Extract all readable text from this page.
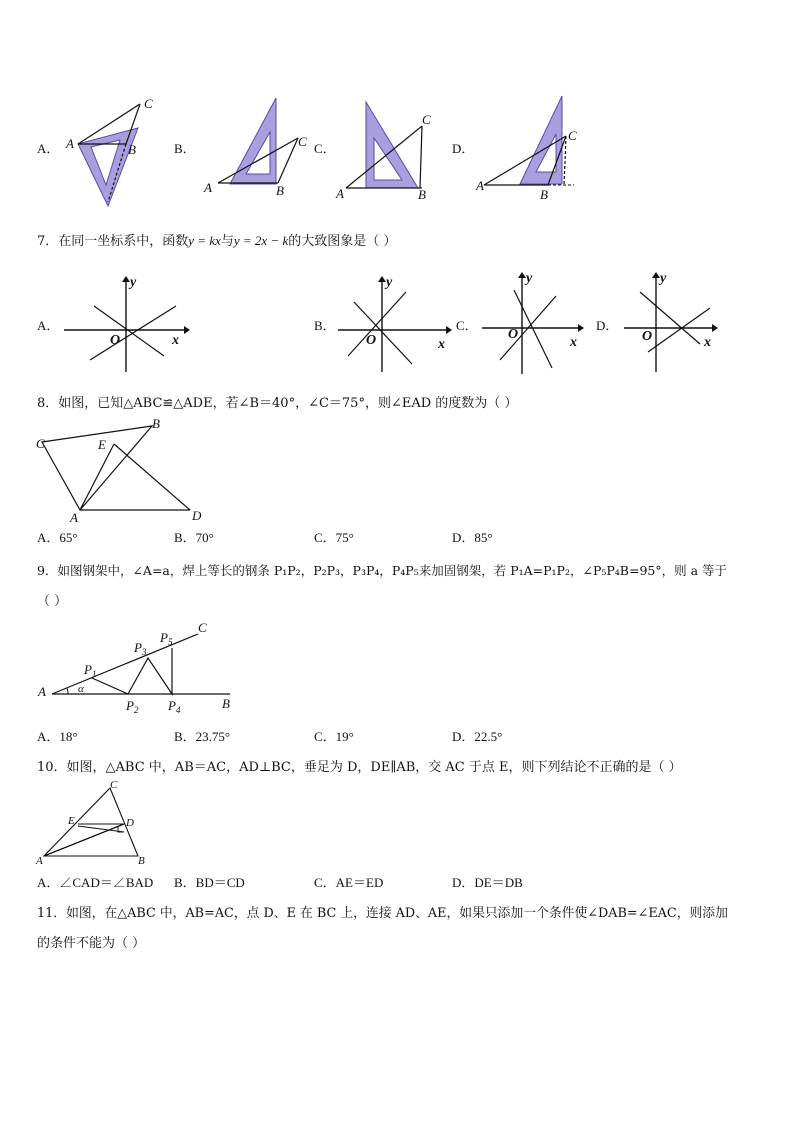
A． A	B
C
B．
A	B
C C．
A	B
C
D．
A
B
C
7．在同一坐标系中，函数y = kx与y = 2x − k的大致图象是（ ）
A．
y
x
O
B．
y
x
O
C．
y
x
O
D．
y
x
O
8．如图，已知△ABC≌△ADE，若∠B＝40°，∠C＝75°，则∠EAD 的度数为（ ）
C
B
E
A	D
A．65°	B．70°	C．75°	D．85°
9．如图钢架中，∠A=a，焊上等长的钢条 P₁P₂，P₂P₃，P₃P₄，P₄P₅来加固钢架，若 P₁A=P₁P₂，∠P₅P₄B=95°，则 a 等于
（ ）
A
B
C
α
$P_1$
$P_2$
$P_3$
$P_4$
$P_5$
A．18°	B．23.75°	C．19°	D．22.5°
10．如图，△ABC 中，AB＝AC，AD⊥BC，垂足为 D，DE∥AB，交 AC 于点 E，则下列结论不正确的是（ ）
C
E	D
A	B
A．∠CAD＝∠BAD B．BD＝CD	C．AE＝ED	D．DE＝DB
11．如图，在△ABC 中，AB=AC，点 D、E 在 BC 上，连接 AD、AE，如果只添加一个条件使∠DAB=∠EAC，则添加
的条件不能为（ ）
